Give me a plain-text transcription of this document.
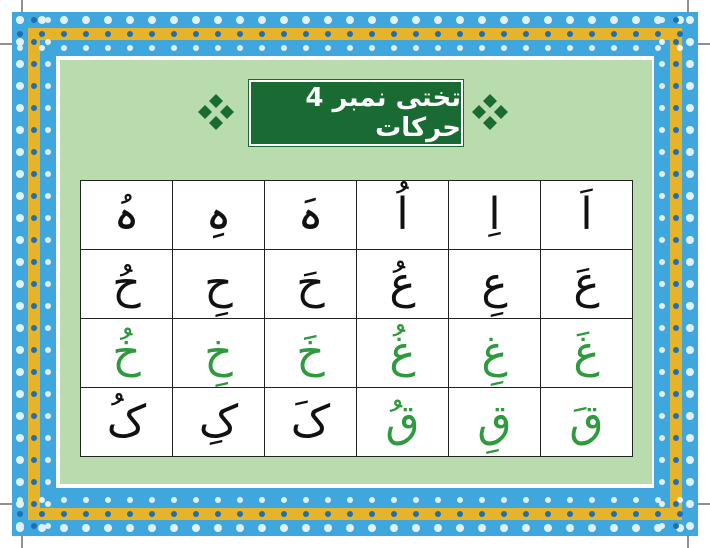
تختی نمبر 4 حرکات
اَ	اِ	اُ	ہَ	ہِ	ہُ
عَ	عِ	عُ	حَ	حِ	حُ
غَ	غِ	غُ	خَ	خِ	خُ
قَ	قِ	قُ	کَ	کِ	کُ
